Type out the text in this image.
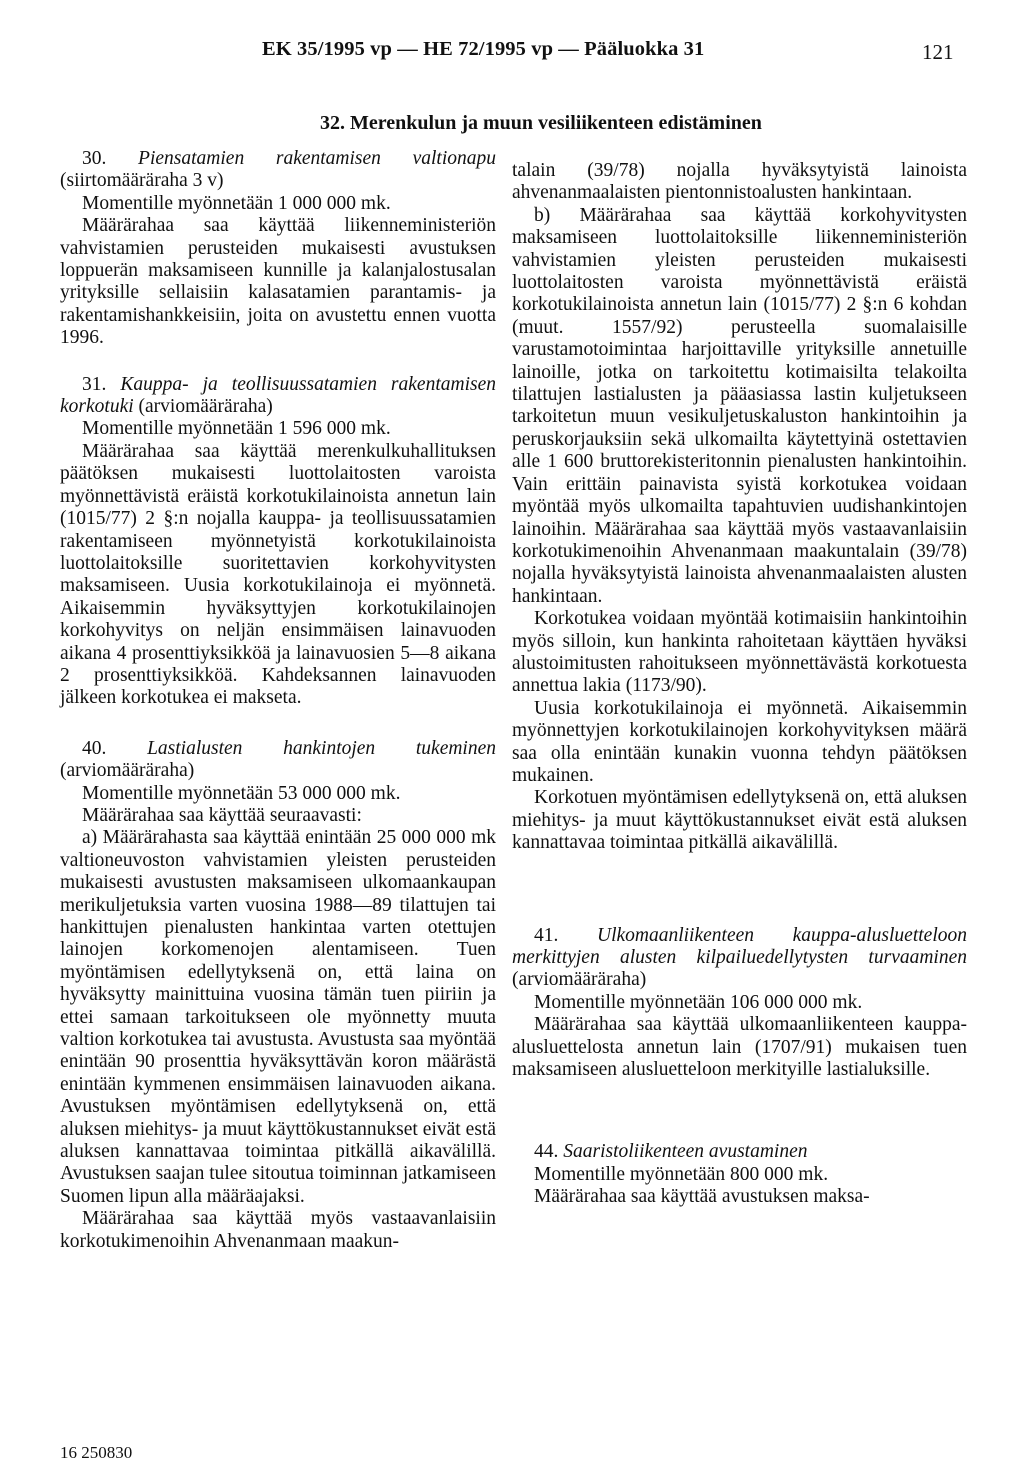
EK 35/1995 vp — HE 72/1995 vp — Pääluokka 31	121
32. Merenkulun ja muun vesiliikenteen edistäminen

30. Piensatamien rakentamisen valtionapu (siirtomääräraha 3 v)

Momentille myönnetään 1 000 000 mk.

Määrärahaa saa käyttää liikenneministeriön vahvistamien perusteiden mukaisesti avustuksen loppuerän maksamiseen kunnille ja kalanjalostusalan yrityksille sellaisiin kalasatamien parantamis- ja rakentamishankkeisiin, joita on avustettu ennen vuotta 1996.

31. Kauppa- ja teollisuussatamien rakentamisen korkotuki (arviomääräraha)

Momentille myönnetään 1 596 000 mk.

Määrärahaa saa käyttää merenkulkuhallituksen päätöksen mukaisesti luottolaitosten varoista myönnettävistä eräistä korkotukilainoista annetun lain (1015/77) 2 §:n nojalla kauppa- ja teollisuussatamien rakentamiseen myönnetyistä korkotukilainoista luottolaitoksille suoritettavien korkohyvitysten maksamiseen. Uusia korkotukilainoja ei myönnetä. Aikaisemmin hyväksyttyjen korkotukilainojen korkohyvitys on neljän ensimmäisen lainavuoden aikana 4 prosenttiyksikköä ja lainavuosien 5—8 aikana 2 prosenttiyksikköä. Kahdeksannen lainavuoden jälkeen korkotukea ei makseta.

40. Lastialusten hankintojen tukeminen (arviomääräraha)

Momentille myönnetään 53 000 000 mk.

Määrärahaa saa käyttää seuraavasti:

a) Määrärahasta saa käyttää enintään 25 000 000 mk valtioneuvoston vahvistamien yleisten perusteiden mukaisesti avustusten maksamiseen ulkomaankaupan merikuljetuksia varten vuosina 1988—89 tilattujen tai hankittujen pienalusten hankintaa varten otettujen lainojen korkomenojen alentamiseen. Tuen myöntämisen edellytyksenä on, että laina on hyväksytty mainittuina vuosina tämän tuen piiriin ja ettei samaan tarkoitukseen ole myönnetty muuta valtion korkotukea tai avustusta. Avustusta saa myöntää enintään 90 prosenttia hyväksyttävän koron määrästä enintään kymmenen ensimmäisen lainavuoden aikana. Avustuksen myöntämisen edellytyksenä on, että aluksen miehitys- ja muut käyttökustannukset eivät estä aluksen kannattavaa toimintaa pitkällä aikavälillä. Avustuksen saajan tulee sitoutua toiminnan jatkamiseen Suomen lipun alla määräajaksi.

Määrärahaa saa käyttää myös vastaavanlaisiin korkotukimenoihin Ahvenanmaan maakun-

talain (39/78) nojalla hyväksytyistä lainoista ahvenanmaalaisten pientonnistoalusten hankintaan.

b) Määrärahaa saa käyttää korkohyvitysten maksamiseen luottolaitoksille liikenneministeriön vahvistamien yleisten perusteiden mukaisesti luottolaitosten varoista myönnettävistä eräistä korkotukilainoista annetun lain (1015/77) 2 §:n 6 kohdan (muut. 1557/92) perusteella suomalaisille varustamotoimintaa harjoittaville yrityksille annetuille lainoille, jotka on tarkoitettu kotimaisilta telakoilta tilattujen lastialusten ja pääasiassa lastin kuljetukseen tarkoitetun muun vesikuljetuskaluston hankintoihin ja peruskorjauksiin sekä ulkomailta käytettyinä ostettavien alle 1 600 bruttorekisteritonnin pienalusten hankintoihin. Vain erittäin painavista syistä korkotukea voidaan myöntää myös ulkomailta tapahtuvien uudishankintojen lainoihin. Määrärahaa saa käyttää myös vastaavanlaisiin korkotukimenoihin Ahvenanmaan maakuntalain (39/78) nojalla hyväksytyistä lainoista ahvenanmaalaisten alusten hankintaan.

Korkotukea voidaan myöntää kotimaisiin hankintoihin myös silloin, kun hankinta rahoitetaan käyttäen hyväksi alustoimitusten rahoitukseen myönnettävästä korkotuesta annettua lakia (1173/90).

Uusia korkotukilainoja ei myönnetä. Aikaisemmin myönnettyjen korkotukilainojen korkohyvityksen määrä saa olla enintään kunakin vuonna tehdyn päätöksen mukainen.

Korkotuen myöntämisen edellytyksenä on, että aluksen miehitys- ja muut käyttökustannukset eivät estä aluksen kannattavaa toimintaa pitkällä aikavälillä.

41. Ulkomaanliikenteen kauppa-alusluetteloon merkittyjen alusten kilpailuedellytysten turvaaminen (arviomääräraha)

Momentille myönnetään 106 000 000 mk.

Määrärahaa saa käyttää ulkomaanliikenteen kauppa-alusluettelosta annetun lain (1707/91) mukaisen tuen maksamiseen alusluetteloon merkityille lastialuksille.

44. Saaristoliikenteen avustaminen

Momentille myönnetään 800 000 mk.

Määrärahaa saa käyttää avustuksen maksa-

16 250830
